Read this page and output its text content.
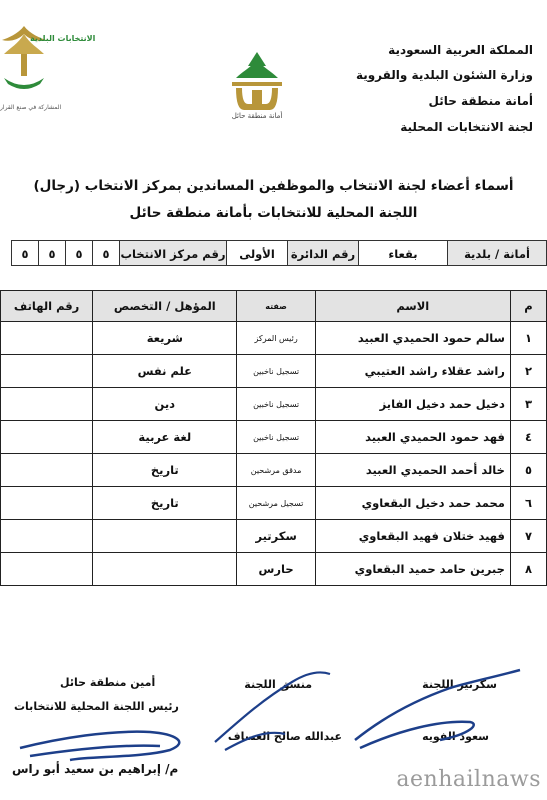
المملكة العربية السعودية
وزارة الشئون البلدية والقروية
أمانة منطقة حائل
لجنة الانتخابات المحلية
أمانة منطقة حائل
الانتخابات البلدية
المشاركة في صنع القرار
أسماء أعضاء لجنة الانتخاب والموظفين المساندين بمركز الانتخاب (رجال)
اللجنة المحلية للانتخابات بأمانة منطقة حائل
أمانة / بلدية
بقعاء
رقم الدائرة
الأولى
رقم مركز الانتخاب
٥
٥
٥
٥
م	الاسم	صفته	المؤهل / التخصص	رقم الهاتف
١	سالم حمود الحميدي العبيد	رئيس المركز	شريعة	
٢	راشد عقلاء راشد العتيبي	تسجيل ناخبين	علم نفس	
٣	دخيل حمد دخيل الفايز	تسجيل ناخبين	دين	
٤	فهد حمود الحميدي العبيد	تسجيل ناخبين	لغة عربية	
٥	خالد أحمد الحميدي العبيد	مدقق مرشحين	تاريخ	
٦	محمد حمد دخيل البقعاوي	تسجيل مرشحين	تاريخ	
٧	فهيد ختلان فهيد البقعاوي	سكرتير		
٨	جبرين حامد حميد البقعاوي	حارس		
سكرتير اللجنة
سعود الفويه
منسق اللجنة
عبدالله صالح العساف
أمين منطقة حائل
رئيس اللجنة المحلية للانتخابات
م/ إبراهيم بن سعيد أبو راس	aenhailnaws
